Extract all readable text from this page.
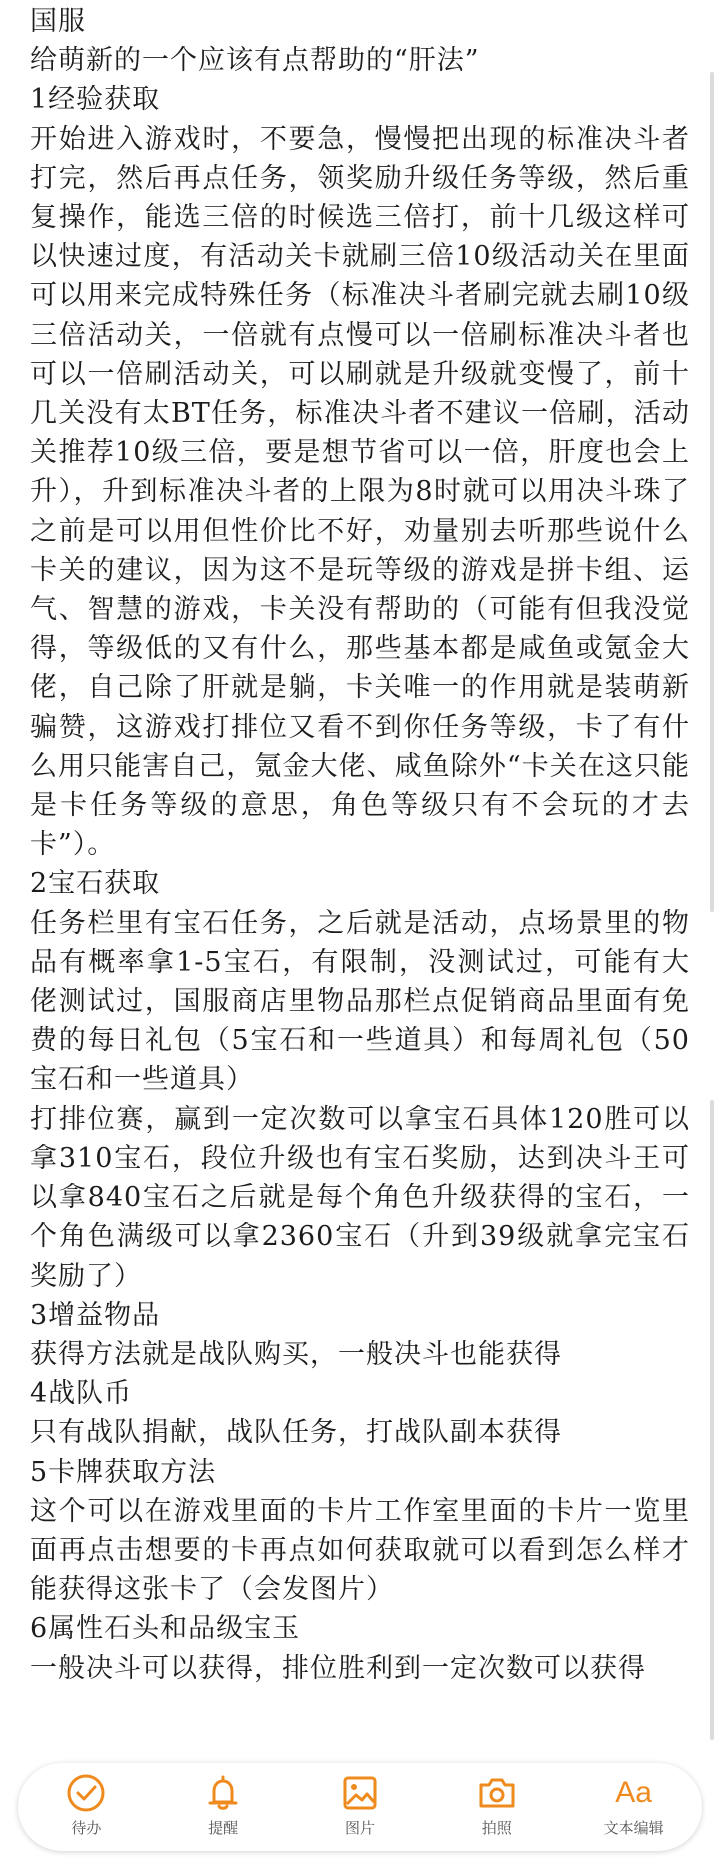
国服
给萌新的一个应该有点帮助的“肝法”
1经验获取
开始进入游戏时，不要急，慢慢把出现的标准决斗者打完，然后再点任务，领奖励升级任务等级，然后重复操作，能选三倍的时候选三倍打，前十几级这样可以快速过度，有活动关卡就刷三倍10级活动关在里面可以用来完成特殊任务（标准决斗者刷完就去刷10级三倍活动关，一倍就有点慢可以一倍刷标准决斗者也可以一倍刷活动关，可以刷就是升级就变慢了，前十几关没有太BT任务，标准决斗者不建议一倍刷，活动关推荐10级三倍，要是想节省可以一倍，肝度也会上升），升到标准决斗者的上限为8时就可以用决斗珠了之前是可以用但性价比不好，劝量别去听那些说什么卡关的建议，因为这不是玩等级的游戏是拼卡组、运气、智慧的游戏，卡关没有帮助的（可能有但我没觉得，等级低的又有什么，那些基本都是咸鱼或氪金大佬，自己除了肝就是躺，卡关唯一的作用就是装萌新骗赞，这游戏打排位又看不到你任务等级，卡了有什么用只能害自己，氪金大佬、咸鱼除外“卡关在这只能是卡任务等级的意思，角色等级只有不会玩的才去卡”）。
2宝石获取
任务栏里有宝石任务，之后就是活动，点场景里的物品有概率拿1-5宝石，有限制，没测试过，可能有大佬测试过，国服商店里物品那栏点促销商品里面有免费的每日礼包（5宝石和一些道具）和每周礼包（50宝石和一些道具）
打排位赛，赢到一定次数可以拿宝石具体120胜可以拿310宝石，段位升级也有宝石奖励，达到决斗王可以拿840宝石之后就是每个角色升级获得的宝石，一个角色满级可以拿2360宝石（升到39级就拿完宝石奖励了）
3增益物品
获得方法就是战队购买，一般决斗也能获得
4战队币
只有战队捐献，战队任务，打战队副本获得
5卡牌获取方法
这个可以在游戏里面的卡片工作室里面的卡片一览里面再点击想要的卡再点如何获取就可以看到怎么样才能获得这张卡了（会发图片）
6属性石头和品级宝玉
一般决斗可以获得，排位胜利到一定次数可以获得
待办	提醒	图片	拍照
Aa
文本编辑
